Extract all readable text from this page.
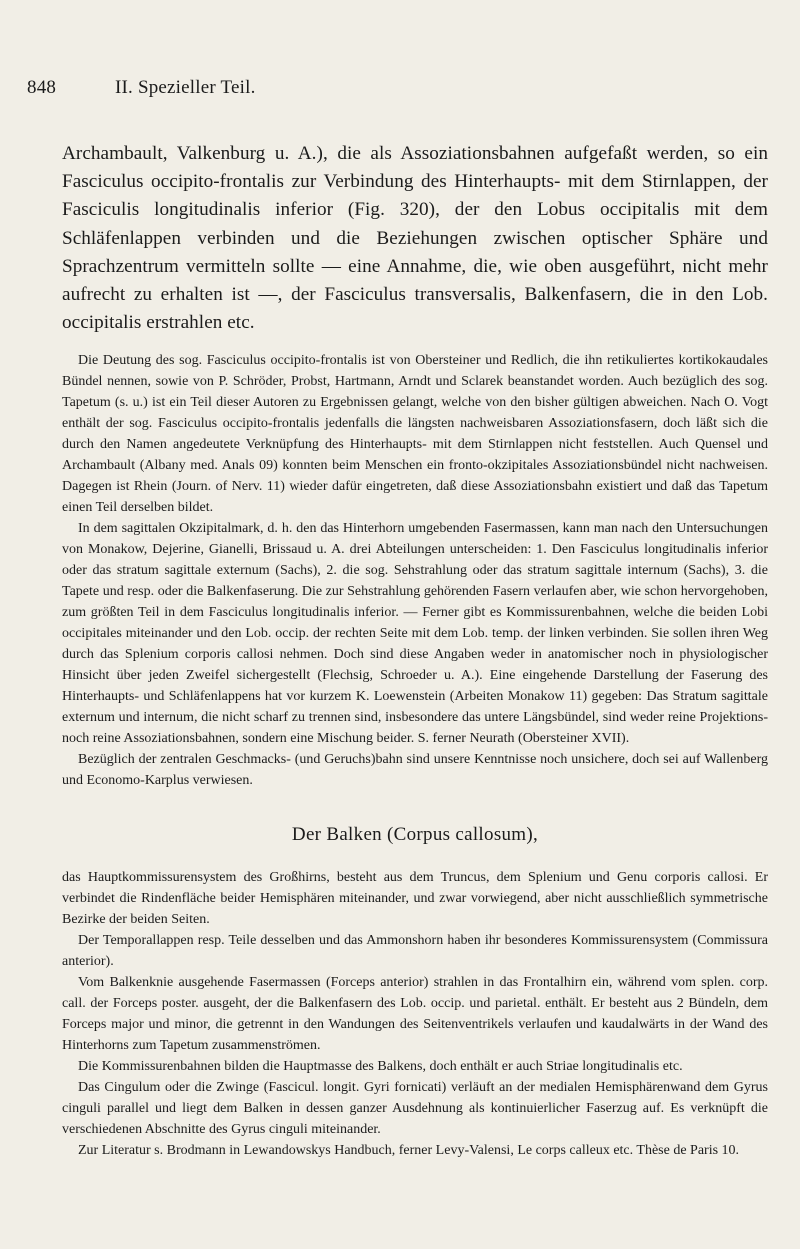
848	II. Spezieller Teil.

Archambault, Valkenburg u. A.), die als Assoziationsbahnen aufgefaßt werden, so ein Fasciculus occipito-frontalis zur Verbindung des Hinterhaupts- mit dem Stirnlappen, der Fasciculis longitudinalis inferior (Fig. 320), der den Lobus occipitalis mit dem Schläfenlappen verbinden und die Beziehungen zwischen optischer Sphäre und Sprachzentrum vermitteln sollte — eine Annahme, die, wie oben ausgeführt, nicht mehr aufrecht zu erhalten ist —, der Fasciculus transversalis, Balkenfasern, die in den Lob. occipitalis erstrahlen etc.

Die Deutung des sog. Fasciculus occipito-frontalis ist von Obersteiner und Redlich, die ihn retikuliertes kortikokaudales Bündel nennen, sowie von P. Schröder, Probst, Hartmann, Arndt und Sclarek beanstandet worden. Auch bezüglich des sog. Tapetum (s. u.) ist ein Teil dieser Autoren zu Ergebnissen gelangt, welche von den bisher gültigen abweichen. Nach O. Vogt enthält der sog. Fasciculus occipito-frontalis jedenfalls die längsten nachweisbaren Assoziationsfasern, doch läßt sich die durch den Namen angedeutete Verknüpfung des Hinterhaupts- mit dem Stirnlappen nicht feststellen. Auch Quensel und Archambault (Albany med. Anals 09) konnten beim Menschen ein fronto-okzipitales Assoziationsbündel nicht nachweisen. Dagegen ist Rhein (Journ. of Nerv. 11) wieder dafür eingetreten, daß diese Assoziationsbahn existiert und daß das Tapetum einen Teil derselben bildet.

In dem sagittalen Okzipitalmark, d. h. den das Hinterhorn umgebenden Fasermassen, kann man nach den Untersuchungen von Monakow, Dejerine, Gianelli, Brissaud u. A. drei Abteilungen unterscheiden: 1. Den Fasciculus longitudinalis inferior oder das stratum sagittale externum (Sachs), 2. die sog. Sehstrahlung oder das stratum sagittale internum (Sachs), 3. die Tapete und resp. oder die Balkenfaserung. Die zur Sehstrahlung gehörenden Fasern verlaufen aber, wie schon hervorgehoben, zum größten Teil in dem Fasciculus longitudinalis inferior. — Ferner gibt es Kommissurenbahnen, welche die beiden Lobi occipitales miteinander und den Lob. occip. der rechten Seite mit dem Lob. temp. der linken verbinden. Sie sollen ihren Weg durch das Splenium corporis callosi nehmen. Doch sind diese Angaben weder in anatomischer noch in physiologischer Hinsicht über jeden Zweifel sichergestellt (Flechsig, Schroeder u. A.). Eine eingehende Darstellung der Faserung des Hinterhaupts- und Schläfenlappens hat vor kurzem K. Loewenstein (Arbeiten Monakow 11) gegeben: Das Stratum sagittale externum und internum, die nicht scharf zu trennen sind, insbesondere das untere Längsbündel, sind weder reine Projektions- noch reine Assoziationsbahnen, sondern eine Mischung beider. S. ferner Neurath (Obersteiner XVII).

Bezüglich der zentralen Geschmacks- (und Geruchs)bahn sind unsere Kenntnisse noch unsichere, doch sei auf Wallenberg und Economo-Karplus verwiesen.

Der Balken (Corpus callosum),

das Hauptkommissurensystem des Großhirns, besteht aus dem Truncus, dem Splenium und Genu corporis callosi. Er verbindet die Rindenfläche beider Hemisphären miteinander, und zwar vorwiegend, aber nicht ausschließlich symmetrische Bezirke der beiden Seiten.

Der Temporallappen resp. Teile desselben und das Ammonshorn haben ihr besonderes Kommissurensystem (Commissura anterior).

Vom Balkenknie ausgehende Fasermassen (Forceps anterior) strahlen in das Frontalhirn ein, während vom splen. corp. call. der Forceps poster. ausgeht, der die Balkenfasern des Lob. occip. und parietal. enthält. Er besteht aus 2 Bündeln, dem Forceps major und minor, die getrennt in den Wandungen des Seitenventrikels verlaufen und kaudalwärts in der Wand des Hinterhorns zum Tapetum zusammenströmen.

Die Kommissurenbahnen bilden die Hauptmasse des Balkens, doch enthält er auch Striae longitudinalis etc.

Das Cingulum oder die Zwinge (Fascicul. longit. Gyri fornicati) verläuft an der medialen Hemisphärenwand dem Gyrus cinguli parallel und liegt dem Balken in dessen ganzer Ausdehnung als kontinuierlicher Faserzug auf. Es verknüpft die verschiedenen Abschnitte des Gyrus cinguli miteinander.

Zur Literatur s. Brodmann in Lewandowskys Handbuch, ferner Levy-Valensi, Le corps calleux etc. Thèse de Paris 10.
